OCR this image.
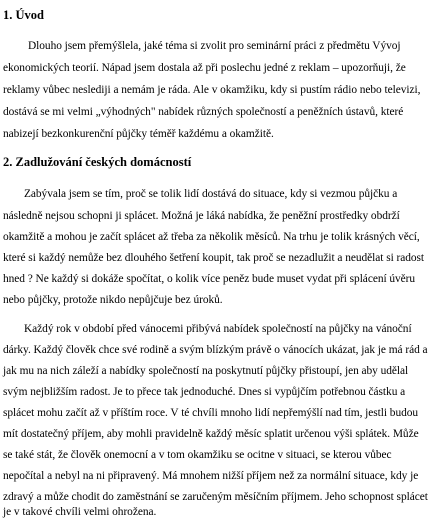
1. Úvod
Dlouho jsem přemýšlela, jaké téma si zvolit pro seminární práci z předmětu Vývoj
ekonomických teorií. Nápad jsem dostala až při poslechu jedné z reklam – upozorňuji, že
reklamy vůbec neslediji a nemám je ráda. Ale v okamžiku, kdy si pustím rádio nebo televizi,
dostává se mi velmi „výhodných" nabídek různých společností a peněžních ústavů, které
nabizejí bezkonkurenční půjčky téměř každému a okamžitě.
2. Zadlužování českých domácností
Zabývala jsem se tím, proč se tolik lidí dostává do situace, kdy si vezmou půjčku a
následně nejsou schopni ji splácet. Možná je láká nabídka, že peněžní prostředky obdrží
okamžitě a mohou je začít splácet až třeba za několik měsíců. Na trhu je tolik krásných věcí,
které si každý nemůže bez dlouhého šetření koupit, tak proč se nezadlužit a neudělat si radost
hned ? Ne každý si dokáže spočítat, o kolik více peněz bude muset vydat při splácení úvěru
nebo půjčky, protože nikdo nepůjčuje bez úroků.
Každý rok v období před vánocemi přibývá nabídek společností na půjčky na vánoční
dárky. Každý člověk chce své rodině a svým blízkým právě o vánocích ukázat, jak je má rád a
jak mu na nich záleží a nabídky společností na poskytnutí půjčky přistoupí, jen aby udělal
svým nejbližším radost. Je to přece tak jednoduché. Dnes si vypůjčím potřebnou částku a
splácet mohu začít až v příštím roce. V té chvíli mnoho lidí nepřemýšlí nad tím, jestli budou
mít dostatečný příjem, aby mohli pravidelně každý měsíc splatit určenou výši splátek. Může
se také stát, že člověk onemocní a v tom okamžiku se ocitne v situaci, se kterou vůbec
nepočítal a nebyl na ni připravený. Má mnohem nižší příjem než za normální situace, kdy je
zdravý a může chodit do zaměstnání se zaručeným měsíčním příjmem. Jeho schopnost splácet
je v takové chvíli velmi ohrožena.
